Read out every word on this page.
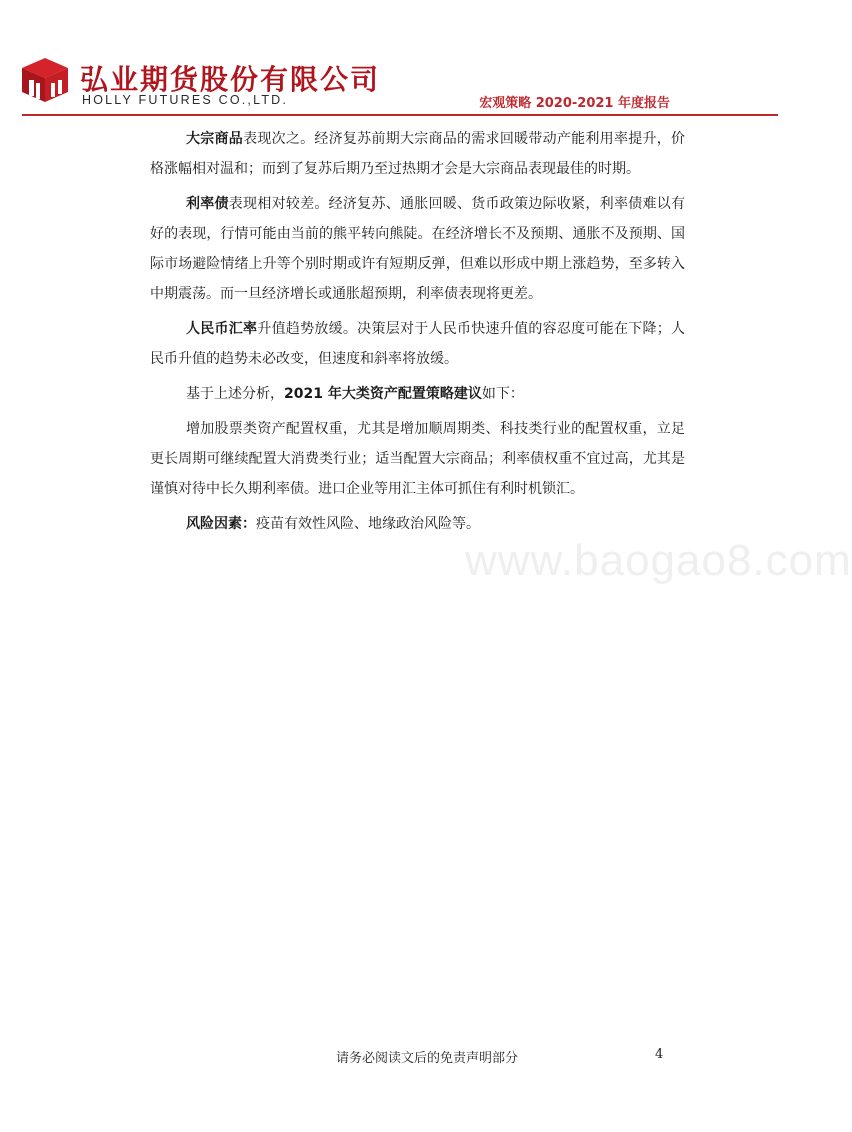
弘业期货股份有限公司
HOLLY FUTURES CO.,LTD.	宏观策略 2020-2021 年度报告

大宗商品表现次之。经济复苏前期大宗商品的需求回暖带动产能利用率提升，价格涨幅相对温和；而到了复苏后期乃至过热期才会是大宗商品表现最佳的时期。

利率债表现相对较差。经济复苏、通胀回暖、货币政策边际收紧，利率债难以有好的表现，行情可能由当前的熊平转向熊陡。在经济增长不及预期、通胀不及预期、国际市场避险情绪上升等个别时期或许有短期反弹，但难以形成中期上涨趋势，至多转入中期震荡。而一旦经济增长或通胀超预期，利率债表现将更差。

人民币汇率升值趋势放缓。决策层对于人民币快速升值的容忍度可能在下降；人民币升值的趋势未必改变，但速度和斜率将放缓。

基于上述分析，2021 年大类资产配置策略建议如下：

增加股票类资产配置权重，尤其是增加顺周期类、科技类行业的配置权重，立足更长周期可继续配置大消费类行业；适当配置大宗商品；利率债权重不宜过高，尤其是谨慎对待中长久期利率债。进口企业等用汇主体可抓住有利时机锁汇。

风险因素：疫苗有效性风险、地缘政治风险等。

www.baogao8.com
请务必阅读文后的免责声明部分	4
